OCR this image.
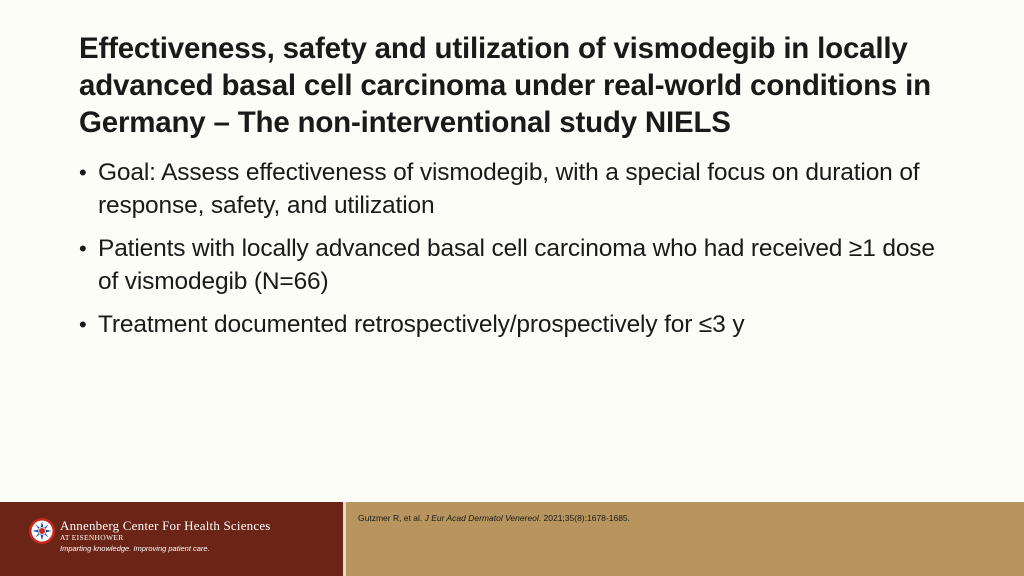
Effectiveness, safety and utilization of vismodegib in locally advanced basal cell carcinoma under real-world conditions in Germany – The non-interventional study NIELS
• Goal: Assess effectiveness of vismodegib, with a special focus on duration of response, safety, and utilization
• Patients with locally advanced basal cell carcinoma who had received ≥1 dose of vismodegib (N=66)
• Treatment documented retrospectively/prospectively for ≤3 y
Annenberg Center For Health Sciences
AT EISENHOWER
Imparting knowledge. Improving patient care.
Gutzmer R, et al. J Eur Acad Dermatol Venereol. 2021;35(8):1678-1685.
